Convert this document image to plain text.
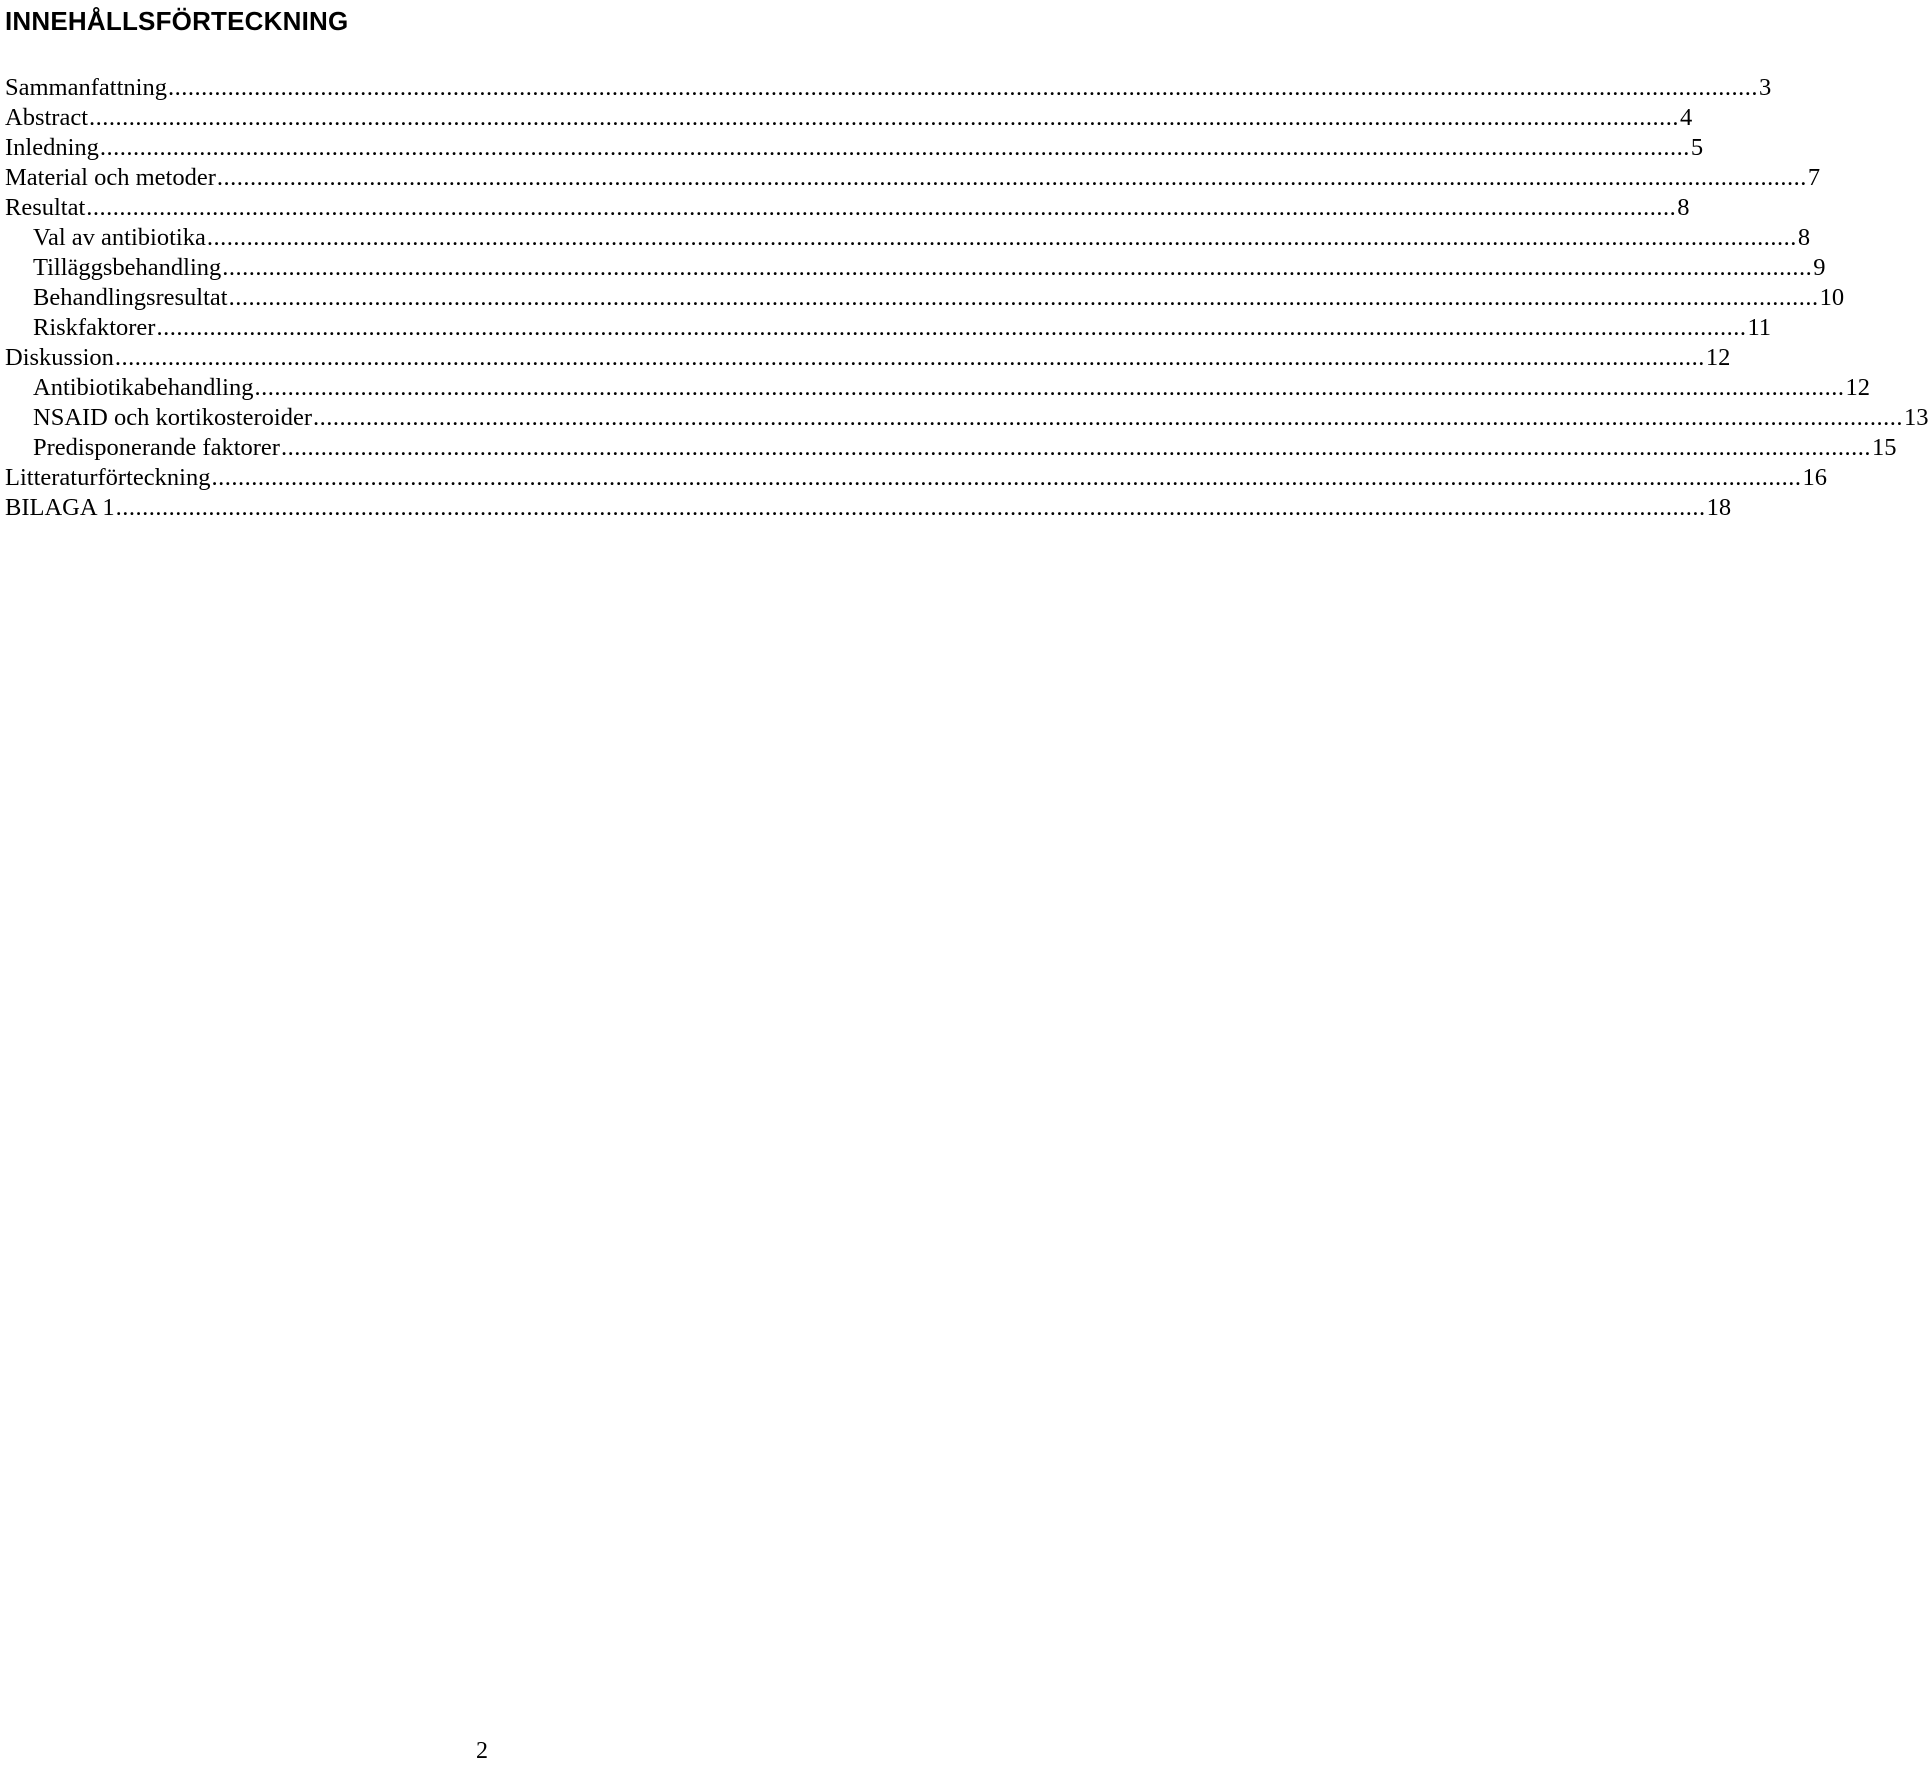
INNEHÅLLSFÖRTECKNING
Sammanfattning .....	3
Abstract .....	4
Inledning .....	5
Material och metoder .....	7
Resultat .....	8
Val av antibiotika .....	8
Tilläggsbehandling .....	9
Behandlingsresultat .....	10
Riskfaktorer .....	11
Diskussion .....	12
Antibiotikabehandling .....	12
NSAID och kortikosteroider .....	13
Predisponerande faktorer .....	15
Litteraturförteckning .....	16
BILAGA 1 .....	18
2
